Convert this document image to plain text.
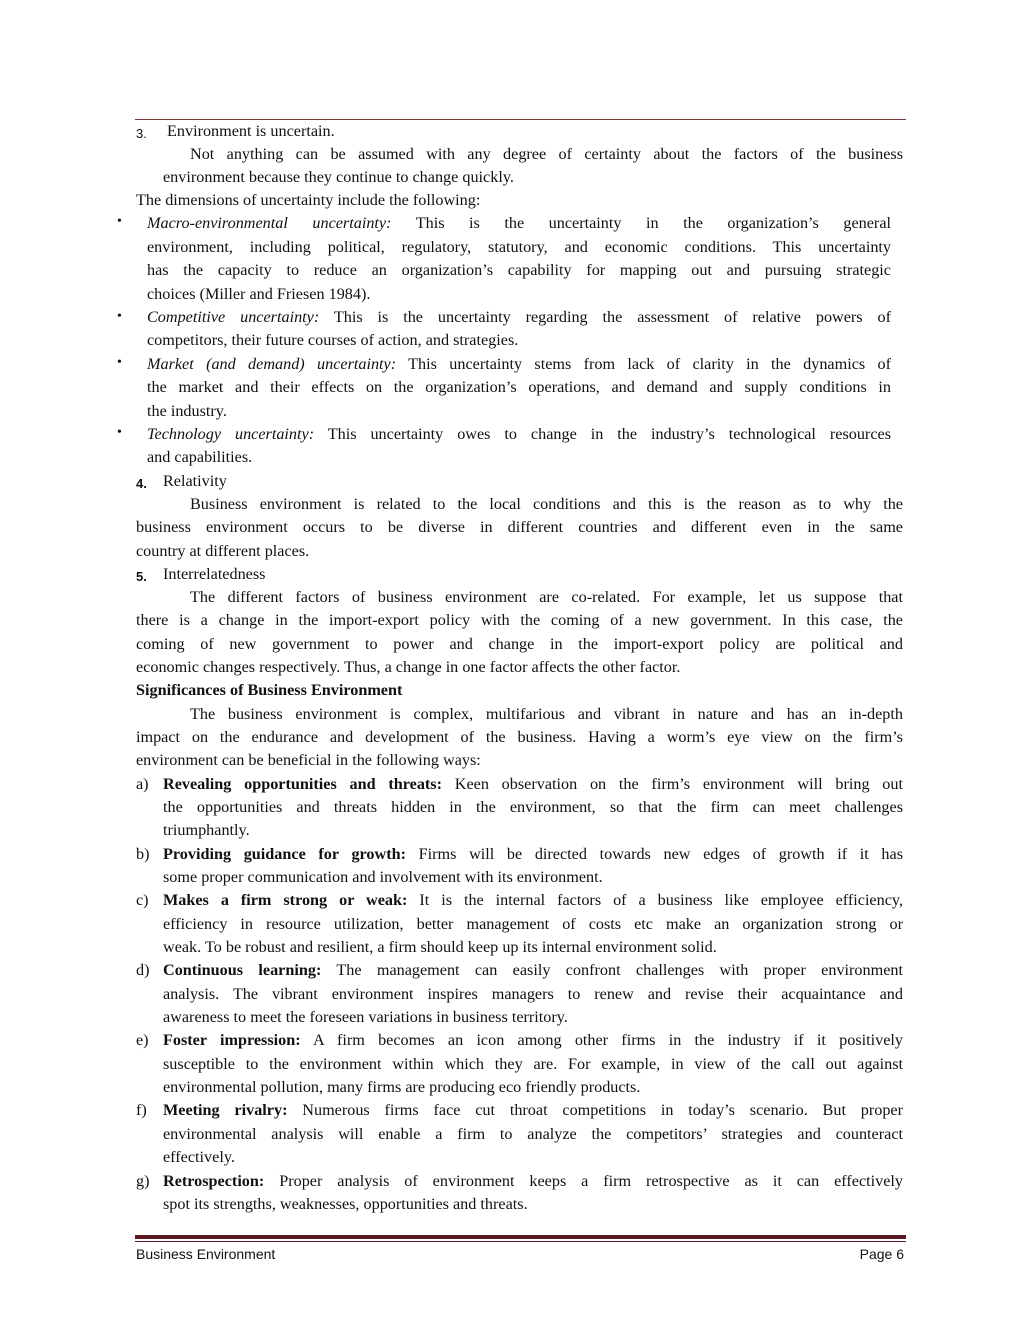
3. Environment is uncertain.
Not anything can be assumed with any degree of certainty about the factors of the business
environment because they continue to change quickly.
The dimensions of uncertainty include the following:
• Macro-environmental uncertainty: This is the uncertainty in the organization’s general
environment, including political, regulatory, statutory, and economic conditions. This uncertainty
has the capacity to reduce an organization’s capability for mapping out and pursuing strategic
choices (Miller and Friesen 1984).
• Competitive uncertainty: This is the uncertainty regarding the assessment of relative powers of
competitors, their future courses of action, and strategies.
• Market (and demand) uncertainty: This uncertainty stems from lack of clarity in the dynamics of
the market and their effects on the organization’s operations, and demand and supply conditions in
the industry.
• Technology uncertainty: This uncertainty owes to change in the industry’s technological resources
and capabilities.
4. Relativity
Business environment is related to the local conditions and this is the reason as to why the
business environment occurs to be diverse in different countries and different even in the same
country at different places.
5. Interrelatedness
The different factors of business environment are co-related. For example, let us suppose that
there is a change in the import-export policy with the coming of a new government. In this case, the
coming of new government to power and change in the import-export policy are political and
economic changes respectively. Thus, a change in one factor affects the other factor.
Significances of Business Environment
The business environment is complex, multifarious and vibrant in nature and has an in-depth
impact on the endurance and development of the business. Having a worm’s eye view on the firm’s
environment can be beneficial in the following ways:
a) Revealing opportunities and threats: Keen observation on the firm’s environment will bring out
the opportunities and threats hidden in the environment, so that the firm can meet challenges
triumphantly.
b) Providing guidance for growth: Firms will be directed towards new edges of growth if it has
some proper communication and involvement with its environment.
c) Makes a firm strong or weak: It is the internal factors of a business like employee efficiency,
efficiency in resource utilization, better management of costs etc make an organization strong or
weak. To be robust and resilient, a firm should keep up its internal environment solid.
d) Continuous learning: The management can easily confront challenges with proper environment
analysis. The vibrant environment inspires managers to renew and revise their acquaintance and
awareness to meet the foreseen variations in business territory.
e) Foster impression: A firm becomes an icon among other firms in the industry if it positively
susceptible to the environment within which they are. For example, in view of the call out against
environmental pollution, many firms are producing eco friendly products.
f) Meeting rivalry: Numerous firms face cut throat competitions in today’s scenario. But proper
environmental analysis will enable a firm to analyze the competitors’ strategies and counteract
effectively.
g) Retrospection: Proper analysis of environment keeps a firm retrospective as it can effectively
spot its strengths, weaknesses, opportunities and threats.
Business Environment	Page 6
